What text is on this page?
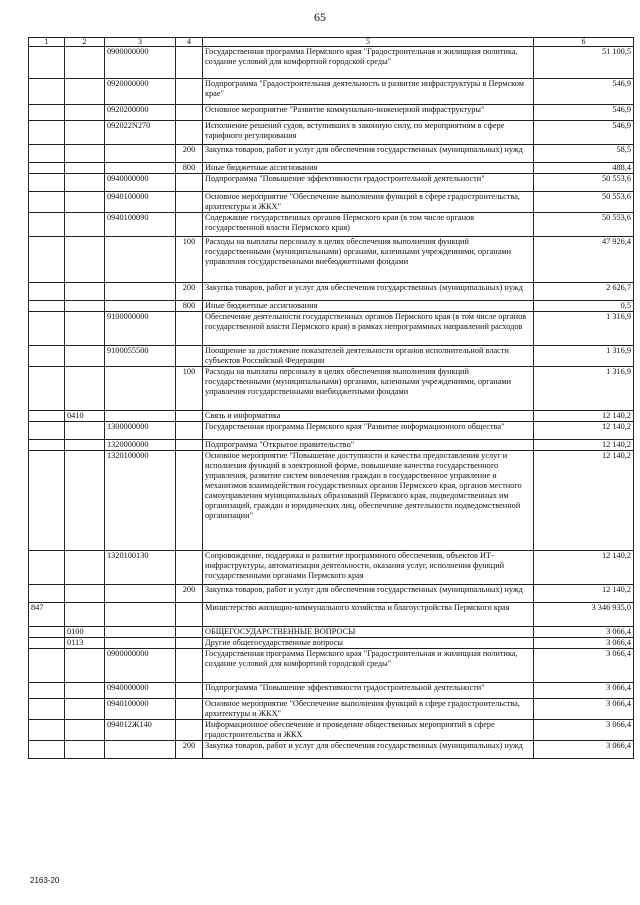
65
1	2	3	4	5	6
		0900000000		Государственная программа Пермского края "Градостроительная и жилищная политика, создание условий для комфортной городской среды"	51 100,5
		0920000000		Подпрограмма "Градостроительная деятельность и развитие инфраструктуры в Пермском крае"	546,9
		0920200000		Основное мероприятие "Развитие коммунально-инженерной инфраструктуры"	546,9
		092022N270		Исполнение решений судов, вступивших в законную силу, по мероприятиям в сфере тарифного регулирования	546,9
			200	Закупка товаров, работ и услуг для обеспечения государственных (муниципальных) нужд	58,5
			800	Иные бюджетные ассигнования	488,4
		0940000000		Подпрограмма "Повышение эффективности градостроительной деятельности"	50 553,6
		0940100000		Основное мероприятие "Обеспечение выполнения функций в сфере градостроительства, архитектуры и ЖКХ"	50 553,6
		0940100090		Содержание государственных органов Пермского края (в том числе органов государственной власти Пермского края)	50 553,6
			100	Расходы на выплаты персоналу в целях обеспечения выполнения функций государственными (муниципальными) органами, казенными учреждениями, органами управления государственными внебюджетными фондами	47 926,4
			200	Закупка товаров, работ и услуг для обеспечения государственных (муниципальных) нужд	2 626,7
			800	Иные бюджетные ассигнования	0,5
		9100000000		Обеспечение деятельности государственных органов Пермского края (в том числе органов государственной власти Пермского края) в рамках непрограммных направлений расходов	1 316,9
		9100055500		Поощрение за достижение показателей деятельности органов исполнительной власти субъектов Российской Федерации	1 316,9
			100	Расходы на выплаты персоналу в целях обеспечения выполнения функций государственными (муниципальными) органами, казенными учреждениями, органами управления государственными внебюджетными фондами	1 316,9
	0410			Связь и информатика	12 140,2
		1300000000		Государственная программа Пермского края "Развитие информационного общества"	12 140,2
		1320000000		Подпрограмма "Открытое правительство"	12 140,2
		1320100000		Основное мероприятие "Повышение доступности и качества предоставления услуг и исполнения функций в электронной форме, повышение качества государственного управления, развитие систем вовлечения граждан в государственное управление и механизмов взаимодействия государственных органов Пермского края, органов местного самоуправления муниципальных образований Пермского края, подведомственных им организаций, граждан и юридических лиц, обеспечение деятельности подведомственной организации"	12 140,2
		1320100130		Сопровождение, поддержка и развитие программного обеспечения, объектов ИТ-инфраструктуры, автоматизация деятельности, оказания услуг, исполнения функций государственными органами Пермского края	12 140,2
			200	Закупка товаров, работ и услуг для обеспечения государственных (муниципальных) нужд	12 140,2
847				Министерство жилищно-коммунального хозяйства и благоустройства Пермского края	3 346 935,0
	0100			ОБЩЕГОСУДАРСТВЕННЫЕ ВОПРОСЫ	3 066,4
	0113			Другие общегосударственные вопросы	3 066,4
		0900000000		Государственная программа Пермского края "Градостроительная и жилищная политика, создание условий для комфортной городской среды"	3 066,4
		0940000000		Подпрограмма "Повышение эффективности градостроительной деятельности"	3 066,4
		0940100000		Основное мероприятие "Обеспечение выполнения функций в сфере градостроительства, архитектуры и ЖКХ"	3 066,4
		094012Ж140		Информационное обеспечение и проведение общественных мероприятий в сфере градостроительства и ЖКХ	3 066,4
			200	Закупка товаров, работ и услуг для обеспечения государственных (муниципальных) нужд	3 066,4
2163-20
